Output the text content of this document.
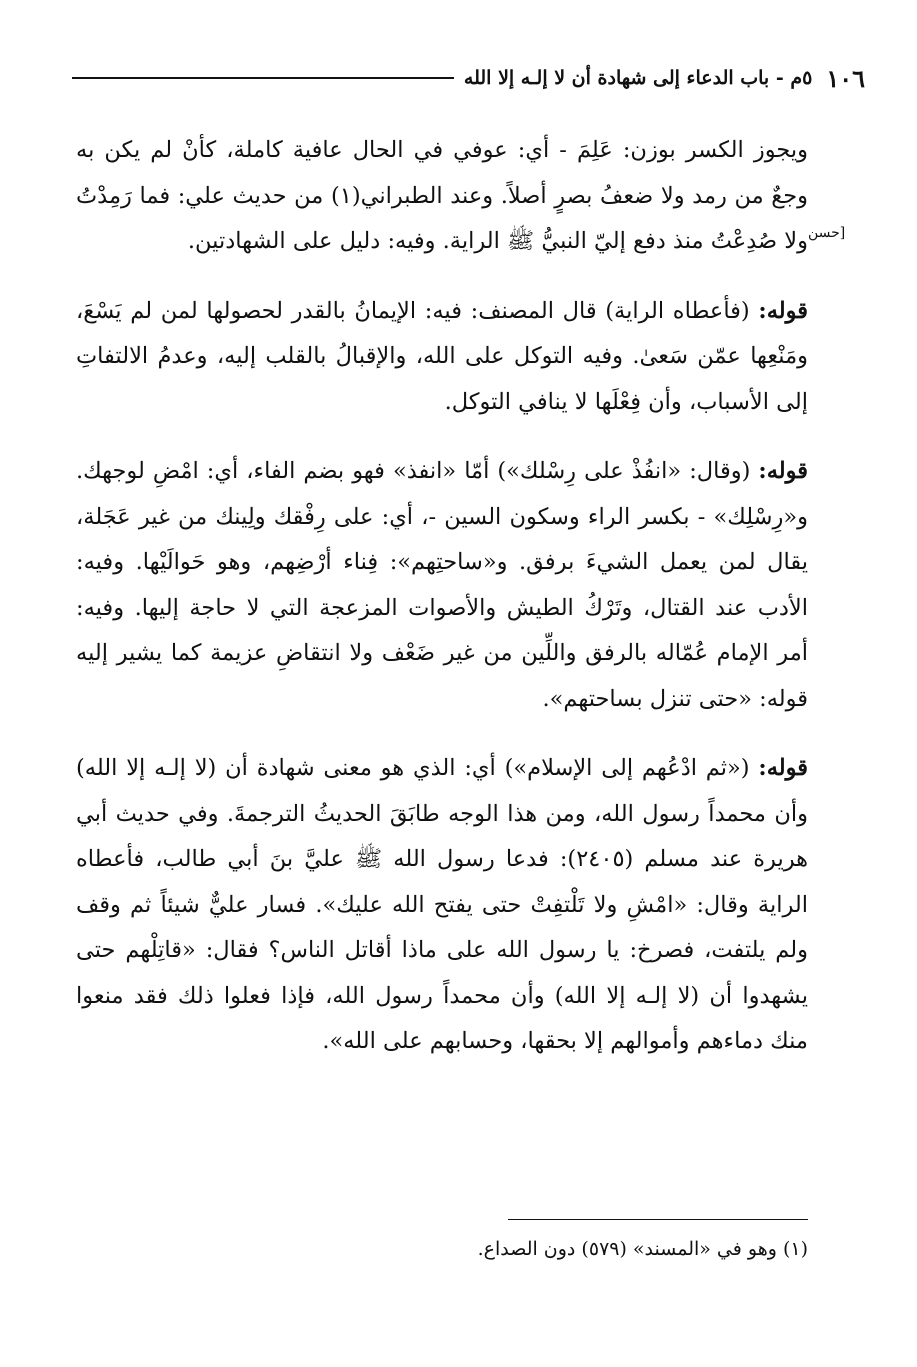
١٠٦
٥م - باب الدعاء إلى شهادة أن لا إلـه إلا الله
[حسن

ويجوز الكسر بوزن: عَلِمَ - أي: عوفي في الحال عافية كاملة، كأنْ لم يكن به وجعٌ من رمد ولا ضعفُ بصرٍ أصلاً. وعند الطبراني(١) من حديث علي: فما رَمِدْتُ ولا صُدِعْتُ منذ دفع إليّ النبيُّ ﷺ الراية. وفيه: دليل على الشهادتين.

قوله: (فأعطاه الراية) قال المصنف: فيه: الإيمانُ بالقدر لحصولها لمن لم يَسْعَ، ومَنْعِها عمّن سَعىٰ. وفيه التوكل على الله، والإقبالُ بالقلب إليه، وعدمُ الالتفاتِ إلى الأسباب، وأن فِعْلَها لا ينافي التوكل.

قوله: (وقال: «انفُذْ على رِسْلك») أمّا «انفذ» فهو بضم الفاء، أي: امْضِ لوجهك. و«رِسْلِك» - بكسر الراء وسكون السين -، أي: على رِفْقك ولِينك من غير عَجَلة، يقال لمن يعمل الشيءَ برفق. و«ساحتِهم»: فِناء أرْضِهم، وهو حَوالَيْها. وفيه: الأدب عند القتال، وتَرْكُ الطيش والأصوات المزعجة التي لا حاجة إليها. وفيه: أمر الإمام عُمّاله بالرفق واللِّين من غير ضَعْف ولا انتقاضِ عزيمة كما يشير إليه قوله: «حتى تنزل بساحتهم».

قوله: («ثم ادْعُهم إلى الإسلام») أي: الذي هو معنى شهادة أن (لا إلـه إلا الله) وأن محمداً رسول الله، ومن هذا الوجه طابَقَ الحديثُ الترجمةَ. وفي حديث أبي هريرة عند مسلم (٢٤٠٥): فدعا رسول الله ﷺ عليَّ بنَ أبي طالب، فأعطاه الراية وقال: «امْشِ ولا تَلْتفِتْ حتى يفتح الله عليك». فسار عليٌّ شيئاً ثم وقف ولم يلتفت، فصرخ: يا رسول الله على ماذا أقاتل الناس؟ فقال: «قاتِلْهم حتى يشهدوا أن (لا إلـه إلا الله) وأن محمداً رسول الله، فإذا فعلوا ذلك فقد منعوا منك دماءهم وأموالهم إلا بحقها، وحسابهم على الله».

(١) وهو في «المسند» (٥٧٩) دون الصداع.
